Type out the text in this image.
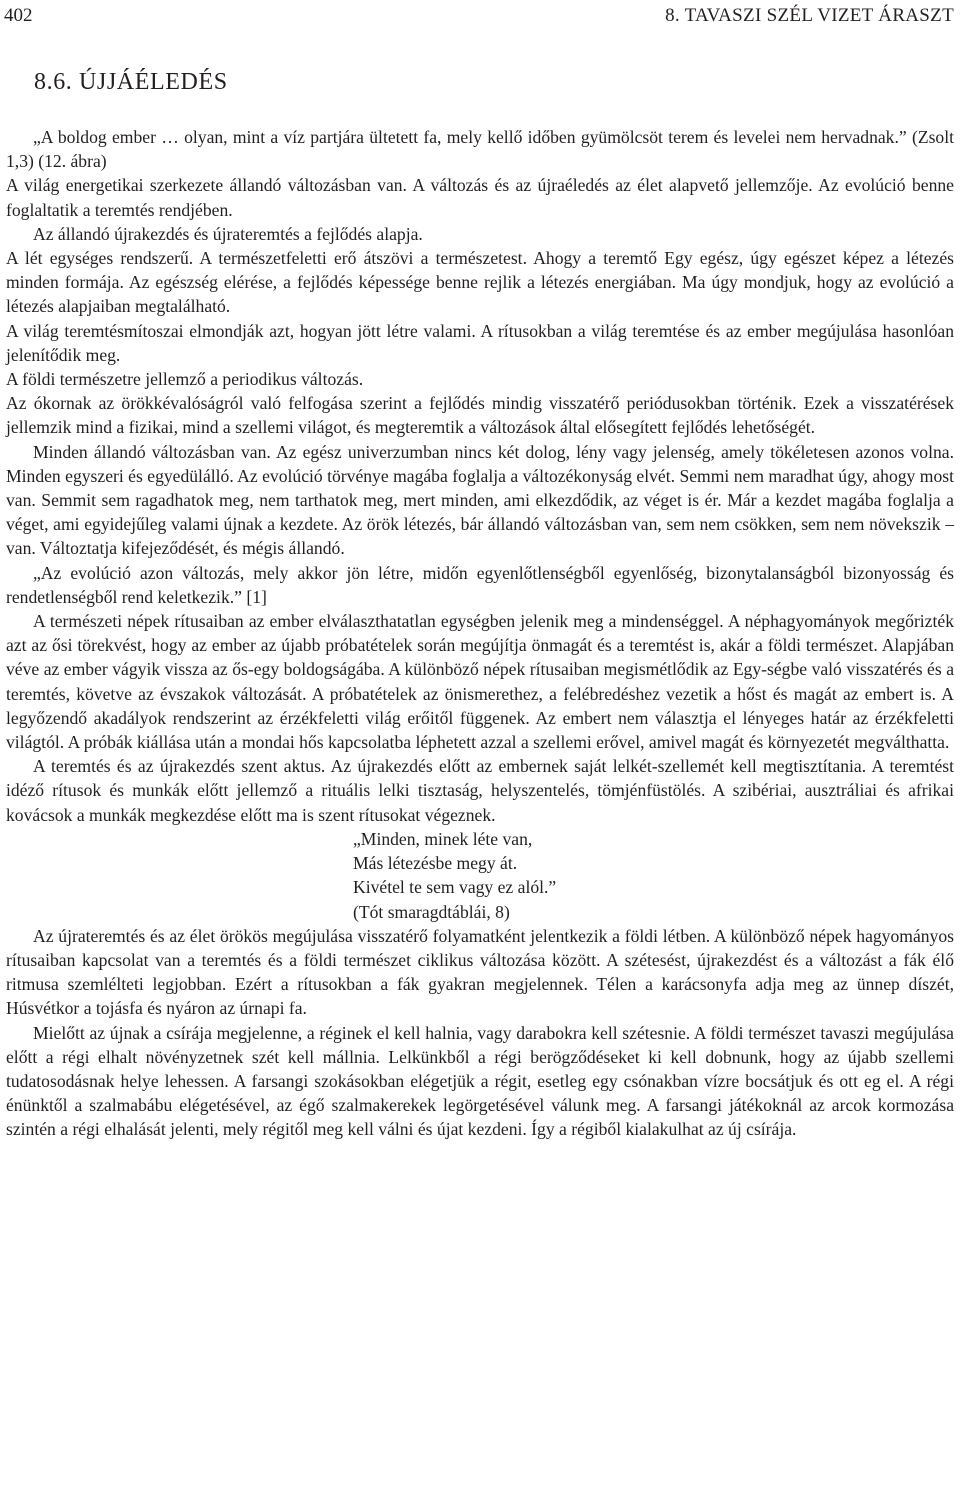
402	8. TAVASZI SZÉL VIZET ÁRASZT
8.6. ÚJJÁÉLEDÉS

„A boldog ember … olyan, mint a víz partjára ültetett fa, mely kellő időben gyümölcsöt terem és levelei nem hervadnak.” (Zsolt 1,3) (12. ábra)

A világ energetikai szerkezete állandó változásban van. A változás és az újraéledés az élet alapvető jellemzője. Az evolúció benne foglaltatik a teremtés rendjében.

Az állandó újrakezdés és újrateremtés a fejlődés alapja.

A lét egységes rendszerű. A természetfeletti erő átszövi a természetest. Ahogy a teremtő Egy egész, úgy egészet képez a létezés minden formája. Az egészség elérése, a fejlődés képessége benne rejlik a létezés energiában. Ma úgy mondjuk, hogy az evolúció a létezés alapjaiban megtalálható.

A világ teremtésmítoszai elmondják azt, hogyan jött létre valami. A rítusokban a világ teremtése és az ember megújulása hasonlóan jelenítődik meg.

A földi természetre jellemző a periodikus változás.

Az ókornak az örökkévalóságról való felfogása szerint a fejlődés mindig visszatérő periódusokban történik. Ezek a visszatérések jellemzik mind a fizikai, mind a szellemi világot, és megteremtik a változások által elősegített fejlődés lehetőségét.

Minden állandó változásban van. Az egész univerzumban nincs két dolog, lény vagy jelenség, amely tökéletesen azonos volna. Minden egyszeri és egyedülálló. Az evolúció törvénye magába foglalja a változékonyság elvét. Semmi nem maradhat úgy, ahogy most van. Semmit sem ragadhatok meg, nem tarthatok meg, mert minden, ami elkezdődik, az véget is ér. Már a kezdet magába foglalja a véget, ami egyidejűleg valami újnak a kezdete. Az örök létezés, bár állandó változásban van, sem nem csökken, sem nem növekszik – van. Változtatja kifejeződését, és mégis állandó.

„Az evolúció azon változás, mely akkor jön létre, midőn egyenlőtlenségből egyenlőség, bizonytalanságból bizonyosság és rendetlenségből rend keletkezik.” [1]

A természeti népek rítusaiban az ember elválaszthatatlan egységben jelenik meg a mindenséggel. A néphagyományok megőrizték azt az ősi törekvést, hogy az ember az újabb próbatételek során megújítja önmagát és a teremtést is, akár a földi természet. Alapjában véve az ember vágyik vissza az ős-egy boldogságába. A különböző népek rítusaiban megismétlődik az Egy-ségbe való visszatérés és a teremtés, követve az évszakok változását. A próbatételek az önismerethez, a felébredéshez vezetik a hőst és magát az embert is. A legyőzendő akadályok rendszerint az érzékfeletti világ erőitől függenek. Az embert nem választja el lényeges határ az érzékfeletti világtól. A próbák kiállása után a mondai hős kapcsolatba léphetett azzal a szellemi erővel, amivel magát és környezetét megválthatta.

A teremtés és az újrakezdés szent aktus. Az újrakezdés előtt az embernek saját lelkét-szellemét kell megtisztítania. A teremtést idéző rítusok és munkák előtt jellemző a rituális lelki tisztaság, helyszentelés, tömjénfüstölés. A szibériai, ausztráliai és afrikai kovácsok a munkák megkezdése előtt ma is szent rítusokat végeznek.

„Minden, minek léte van,
Más létezésbe megy át.
Kivétel te sem vagy ez alól.”
(Tót smaragdtáblái, 8)

Az újrateremtés és az élet örökös megújulása visszatérő folyamatként jelentkezik a földi létben. A különböző népek hagyományos rítusaiban kapcsolat van a teremtés és a földi természet ciklikus változása között. A szétesést, újrakezdést és a változást a fák élő ritmusa szemlélteti legjobban. Ezért a rítusokban a fák gyakran megjelennek. Télen a karácsonyfa adja meg az ünnep díszét, Húsvétkor a tojásfa és nyáron az úrnapi fa.

Mielőtt az újnak a csírája megjelenne, a réginek el kell halnia, vagy darabokra kell szétesnie. A földi természet tavaszi megújulása előtt a régi elhalt növényzetnek szét kell mállnia. Lelkünkből a régi berögződéseket ki kell dobnunk, hogy az újabb szellemi tudatosodásnak helye lehessen. A farsangi szokásokban elégetjük a régit, esetleg egy csónakban vízre bocsátjuk és ott eg el. A régi énünktől a szalmabábu elégetésével, az égő szalmakerekek legörgetésével válunk meg. A farsangi játékoknál az arcok kormozása szintén a régi elhalását jelenti, mely régitől meg kell válni és újat kezdeni. Így a régiből kialakulhat az új csírája.
